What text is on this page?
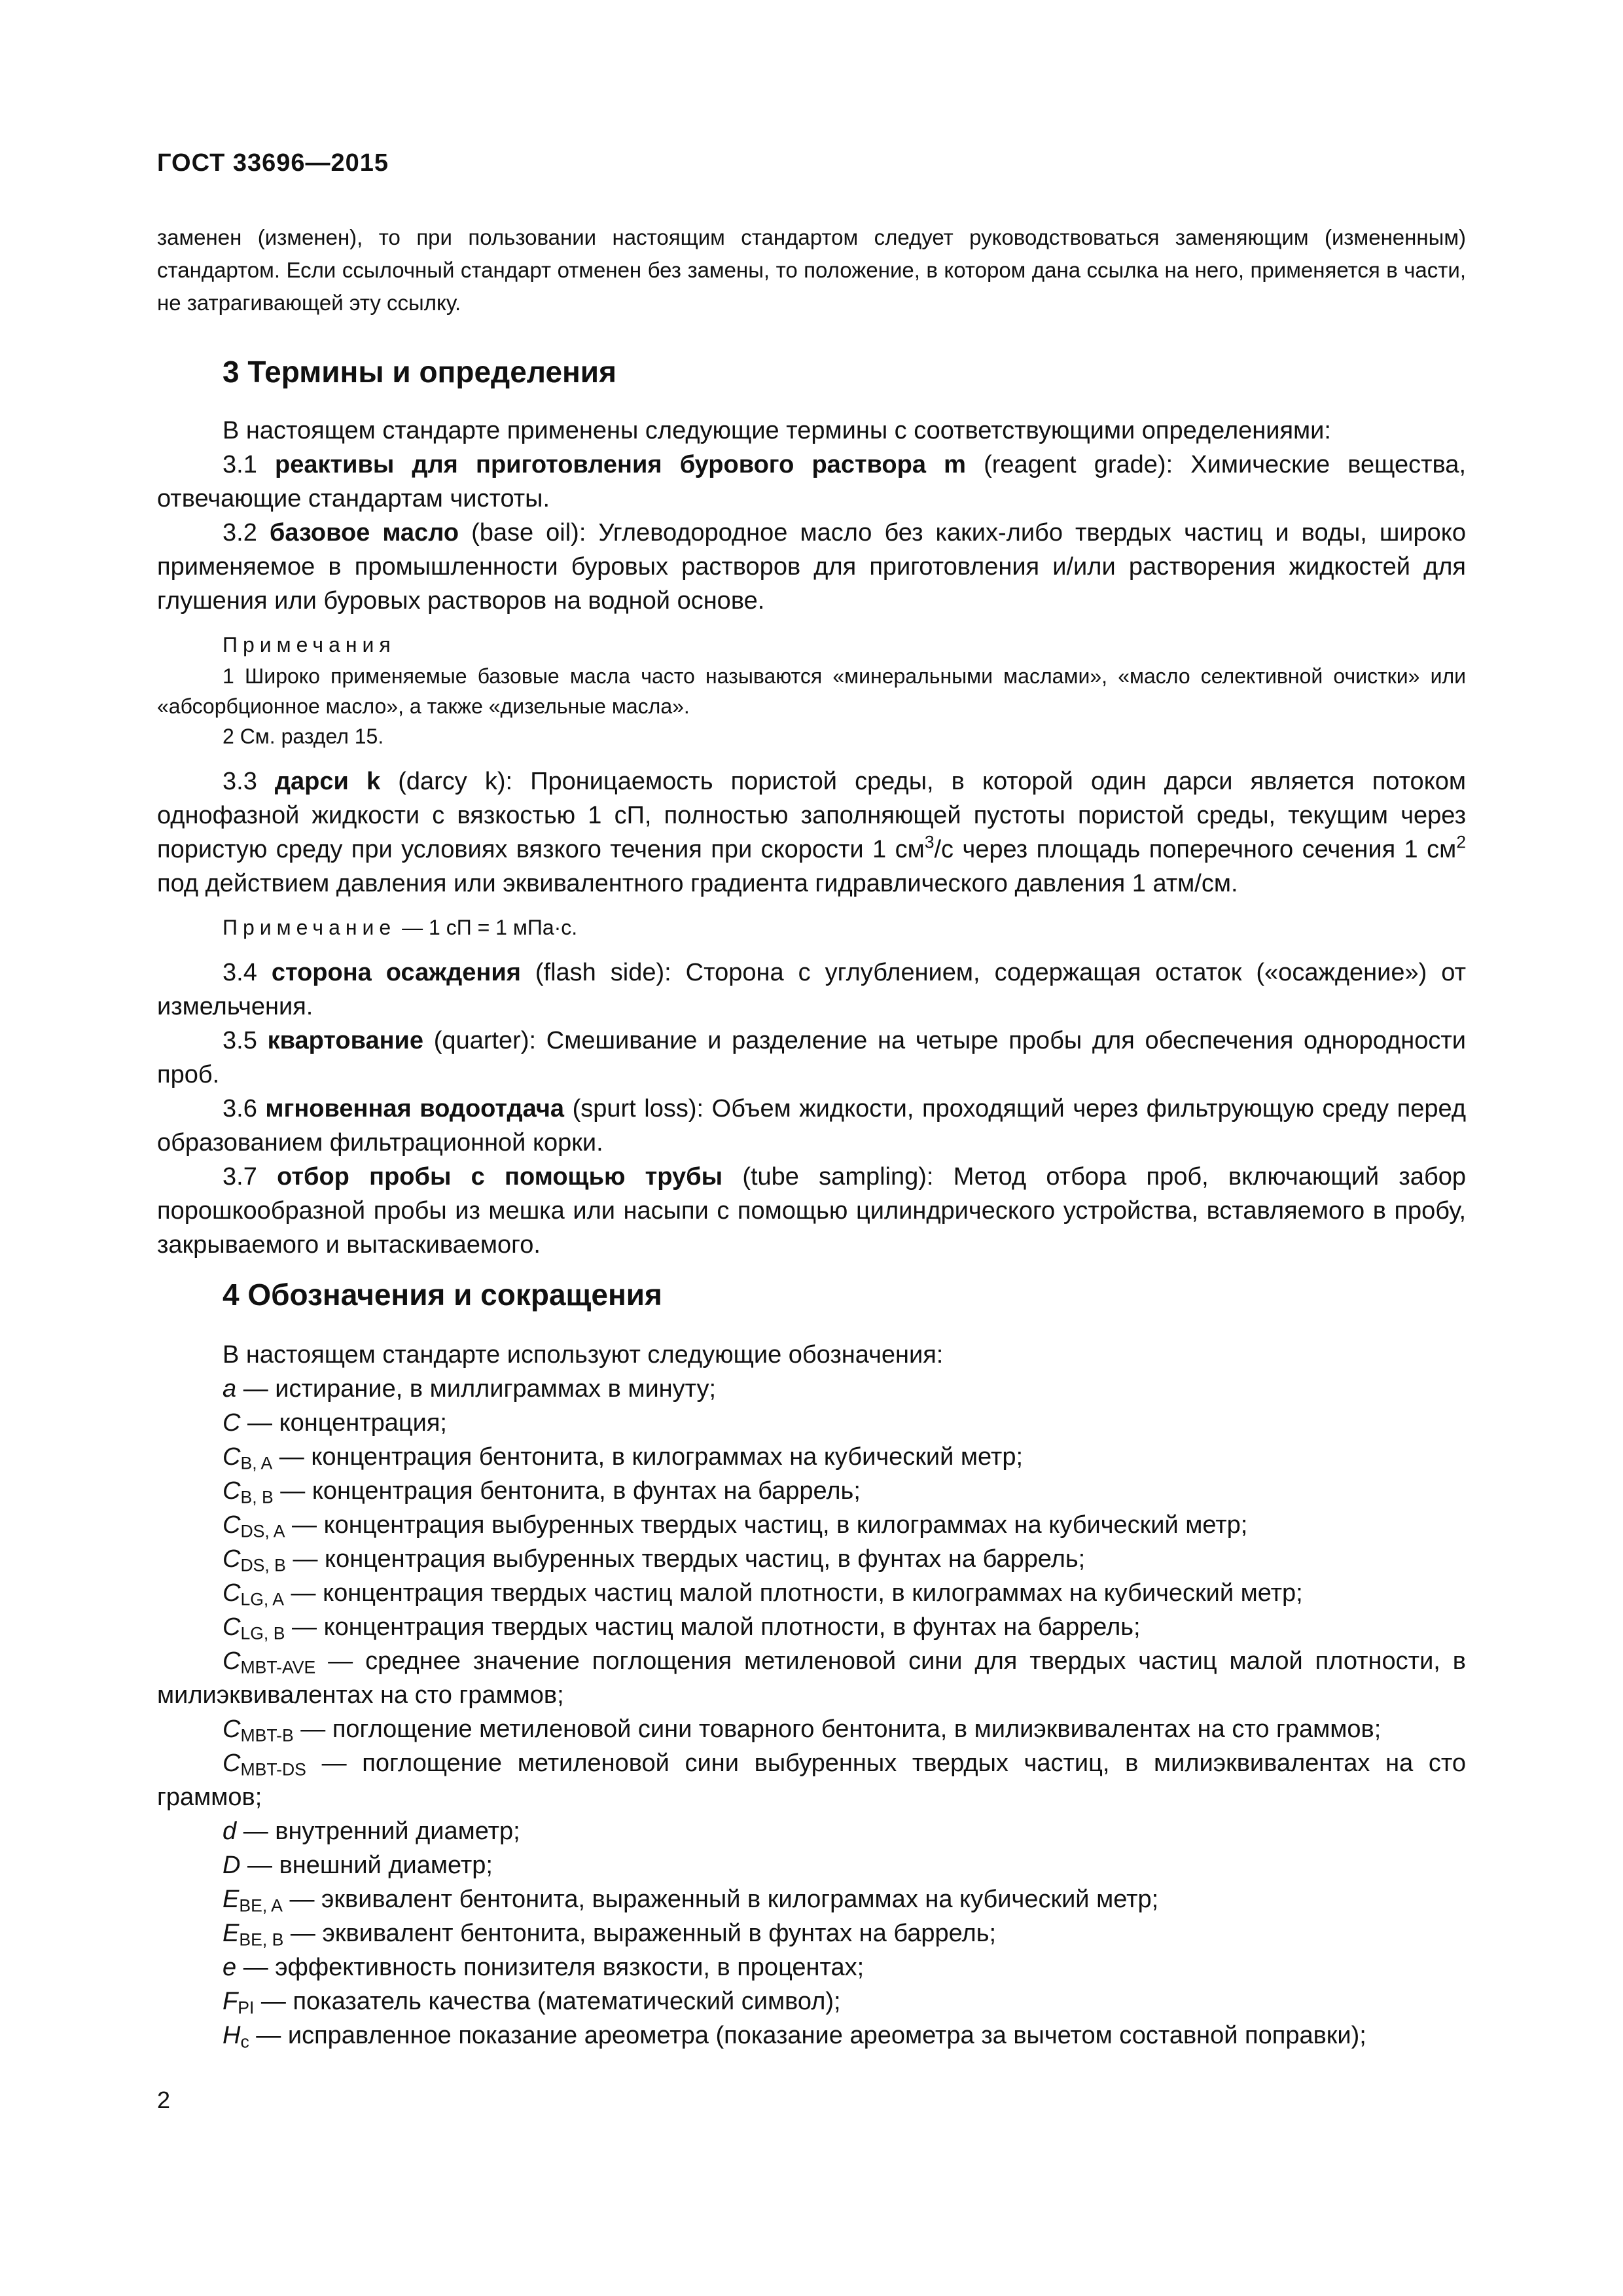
ГОСТ 33696—2015

заменен (изменен), то при пользовании настоящим стандартом следует руководствоваться заменяющим (измененным) стандартом. Если ссылочный стандарт отменен без замены, то положение, в котором дана ссылка на него, применяется в части, не затрагивающей эту ссылку.

3 Термины и определения

В настоящем стандарте применены следующие термины с соответствующими определениями:

3.1 реактивы для приготовления бурового раствора m (reagent grade): Химические вещества, отвечающие стандартам чистоты.

3.2 базовое масло (base oil): Углеводородное масло без каких-либо твердых частиц и воды, широко применяемое в промышленности буровых растворов для приготовления и/или растворения жидкостей для глушения или буровых растворов на водной основе.

Примечания

1 Широко применяемые базовые масла часто называются «минеральными маслами», «масло селективной очистки» или «абсорбционное масло», а также «дизельные масла».

2 См. раздел 15.

3.3 дарси k (darcy k): Проницаемость пористой среды, в которой один дарси является потоком однофазной жидкости с вязкостью 1 сП, полностью заполняющей пустоты пористой среды, текущим через пористую среду при условиях вязкого течения при скорости 1 $см^3/с$ через площадь поперечного сечения 1 $см^2$ под действием давления или эквивалентного градиента гидравлического давления 1 атм/см.

Примечание — 1 сП = 1 мПа·с.

3.4 сторона осаждения (flash side): Сторона с углублением, содержащая остаток («осаждение») от измельчения.

3.5 квартование (quarter): Смешивание и разделение на четыре пробы для обеспечения однородности проб.

3.6 мгновенная водоотдача (spurt loss): Объем жидкости, проходящий через фильтрующую среду перед образованием фильтрационной корки.

3.7 отбор пробы с помощью трубы (tube sampling): Метод отбора проб, включающий забор порошкообразной пробы из мешка или насыпи с помощью цилиндрического устройства, вставляемого в пробу, закрываемого и вытаскиваемого.

4 Обозначения и сокращения

В настоящем стандарте используют следующие обозначения:

a — истирание, в миллиграммах в минуту;

C — концентрация;

$C_{B, A}$ — концентрация бентонита, в килограммах на кубический метр;

$C_{B, B}$ — концентрация бентонита, в фунтах на баррель;

$C_{DS, A}$ — концентрация выбуренных твердых частиц, в килограммах на кубический метр;

$C_{DS, B}$ — концентрация выбуренных твердых частиц, в фунтах на баррель;

$C_{LG, A}$ — концентрация твердых частиц малой плотности, в килограммах на кубический метр;

$C_{LG, B}$ — концентрация твердых частиц малой плотности, в фунтах на баррель;

$C_{MBT-AVE}$ — среднее значение поглощения метиленовой сини для твердых частиц малой плотности, в милиэквивалентах на сто граммов;

$C_{MBT-B}$ — поглощение метиленовой сини товарного бентонита, в милиэквивалентах на сто граммов;

$C_{MBT-DS}$ — поглощение метиленовой сини выбуренных твердых частиц, в милиэквивалентах на сто граммов;

d — внутренний диаметр;

D — внешний диаметр;

$E_{BE, A}$ — эквивалент бентонита, выраженный в килограммах на кубический метр;

$E_{BE, B}$ — эквивалент бентонита, выраженный в фунтах на баррель;

e — эффективность понизителя вязкости, в процентах;

$F_{PI}$ — показатель качества (математический символ);

$H_c$ — исправленное показание ареометра (показание ареометра за вычетом составной поправки);

2
